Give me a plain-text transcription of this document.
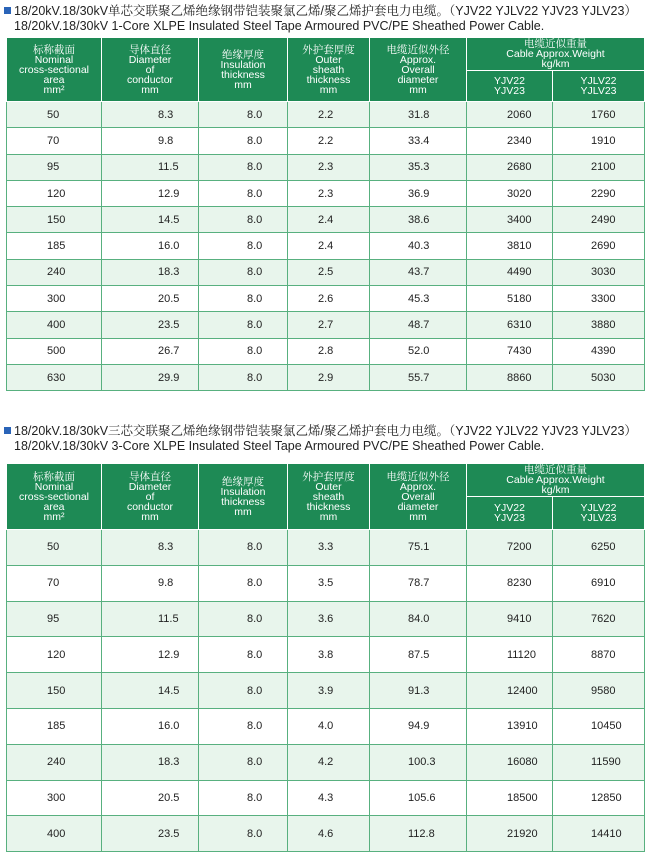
18/20kV.18/30kV单芯交联聚乙烯绝缘钢带铠装聚氯乙烯/聚乙烯护套电力电缆。（YJV22 YJLV22 YJV23 YJLV23）
18/20kV.18/30kV 1-Core XLPE Insulated Steel Tape Armoured PVC/PE Sheathed Power Cable.
标称截面
Nominal
cross-sectional
area
mm²	导体直径
Diameter
of
conductor
mm	绝缘厚度
Insulation
thickness
mm	外护套厚度
Outer
sheath
thickness
mm	电缆近似外径
Approx.
Overall
diameter
mm	电缆近似重量
Cable Approx.Weight
kg/km	

					YJV22
YJV23	YJLV22
YJLV23

50	8.3	8.0	2.2	31.8	2060	1760
70	9.8	8.0	2.2	33.4	2340	1910
95	11.5	8.0	2.3	35.3	2680	2100
120	12.9	8.0	2.3	36.9	3020	2290
150	14.5	8.0	2.4	38.6	3400	2490
185	16.0	8.0	2.4	40.3	3810	2690
240	18.3	8.0	2.5	43.7	4490	3030
300	20.5	8.0	2.6	45.3	5180	3300
400	23.5	8.0	2.7	48.7	6310	3880
500	26.7	8.0	2.8	52.0	7430	4390
630	29.9	8.0	2.9	55.7	8860	5030
18/20kV.18/30kV三芯交联聚乙烯绝缘钢带铠装聚氯乙烯/聚乙烯护套电力电缆。（YJV22 YJLV22 YJV23 YJLV23）
18/20kV.18/30kV 3-Core XLPE Insulated Steel Tape Armoured PVC/PE Sheathed Power Cable.
标称截面
Nominal
cross-sectional
area
mm²	导体直径
Diameter
of
conductor
mm	绝缘厚度
Insulation
thickness
mm	外护套厚度
Outer
sheath
thickness
mm	电缆近似外径
Approx.
Overall
diameter
mm	电缆近似重量
Cable Approx.Weight
kg/km	

					YJV22
YJV23	YJLV22
YJLV23

50	8.3	8.0	3.3	75.1	7200	6250
70	9.8	8.0	3.5	78.7	8230	6910
95	11.5	8.0	3.6	84.0	9410	7620
120	12.9	8.0	3.8	87.5	11120	8870
150	14.5	8.0	3.9	91.3	12400	9580
185	16.0	8.0	4.0	94.9	13910	10450
240	18.3	8.0	4.2	100.3	16080	11590
300	20.5	8.0	4.3	105.6	18500	12850
400	23.5	8.0	4.6	112.8	21920	14410
